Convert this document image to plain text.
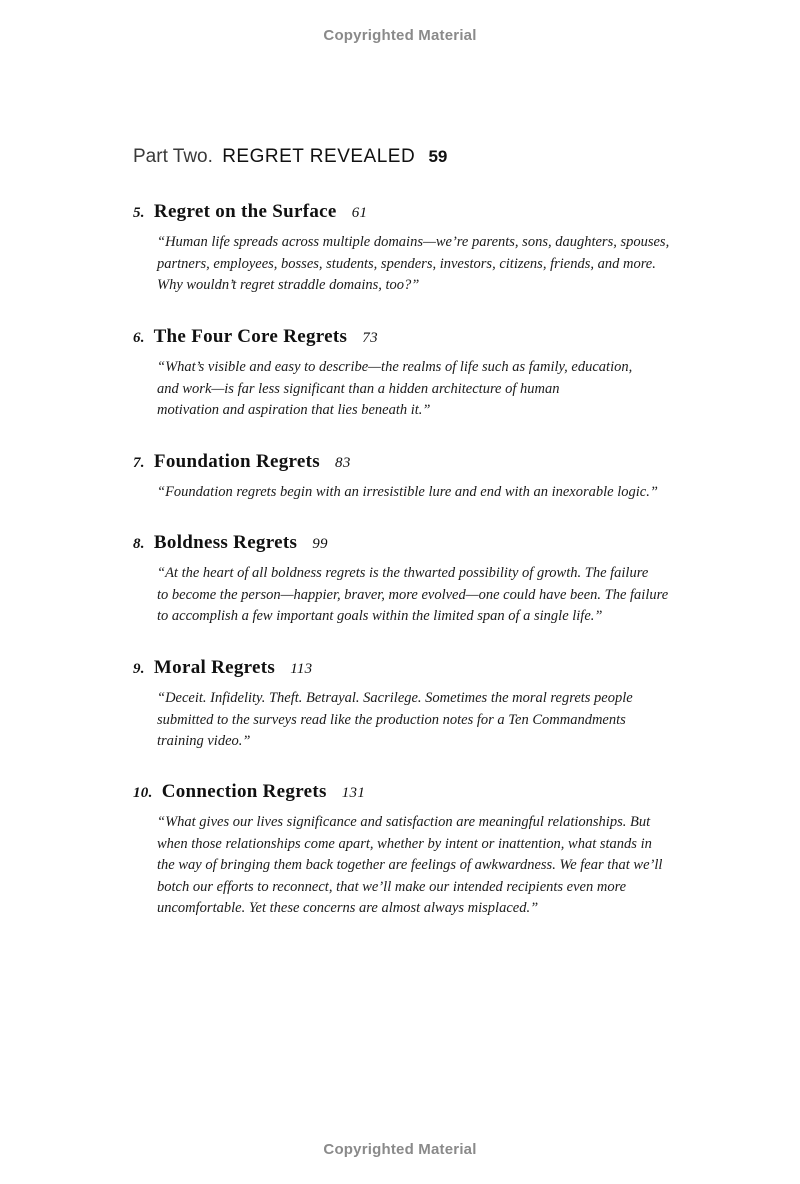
Copyrighted Material
Part Two. REGRET REVEALED 59
5. Regret on the Surface 61
“Human life spreads across multiple domains—we’re parents, sons, daughters, spouses,
partners, employees, bosses, students, spenders, investors, citizens, friends, and more.
Why wouldn’t regret straddle domains, too?”
6. The Four Core Regrets 73
“What’s visible and easy to describe—the realms of life such as family, education,
and work—is far less significant than a hidden architecture of human
motivation and aspiration that lies beneath it.”
7. Foundation Regrets 83
“Foundation regrets begin with an irresistible lure and end with an inexorable logic.”
8. Boldness Regrets 99
“At the heart of all boldness regrets is the thwarted possibility of growth. The failure
to become the person—happier, braver, more evolved—one could have been. The failure
to accomplish a few important goals within the limited span of a single life.”
9. Moral Regrets 113
“Deceit. Infidelity. Theft. Betrayal. Sacrilege. Sometimes the moral regrets people
submitted to the surveys read like the production notes for a Ten Commandments
training video.”
10. Connection Regrets 131
“What gives our lives significance and satisfaction are meaningful relationships. But
when those relationships come apart, whether by intent or inattention, what stands in
the way of bringing them back together are feelings of awkwardness. We fear that we’ll
botch our efforts to reconnect, that we’ll make our intended recipients even more
uncomfortable. Yet these concerns are almost always misplaced.”
Copyrighted Material
